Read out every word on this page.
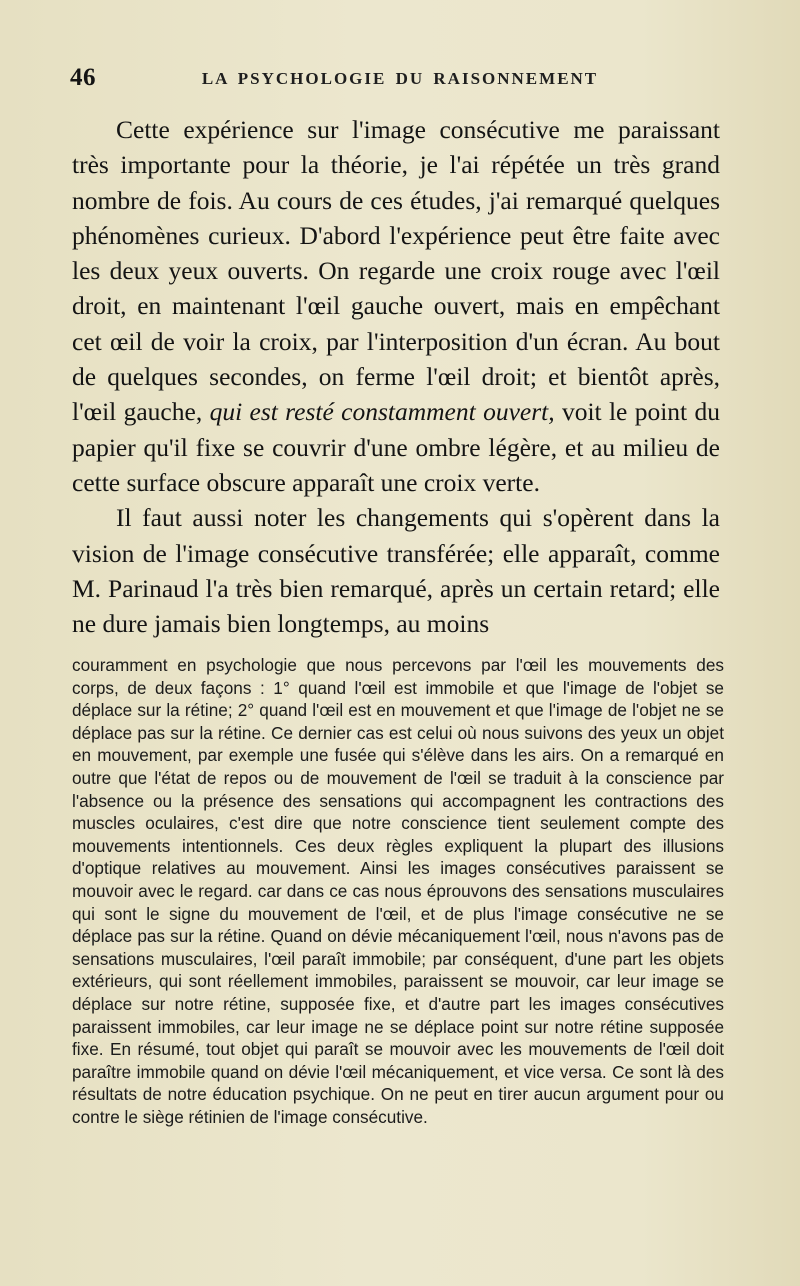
46	LA PSYCHOLOGIE DU RAISONNEMENT

Cette expérience sur l'image consécutive me paraissant très importante pour la théorie, je l'ai répétée un très grand nombre de fois. Au cours de ces études, j'ai remarqué quelques phénomènes curieux. D'abord l'expérience peut être faite avec les deux yeux ouverts. On regarde une croix rouge avec l'œil droit, en maintenant l'œil gauche ouvert, mais en empêchant cet œil de voir la croix, par l'interposition d'un écran. Au bout de quelques secondes, on ferme l'œil droit; et bientôt après, l'œil gauche, qui est resté constamment ouvert, voit le point du papier qu'il fixe se couvrir d'une ombre légère, et au milieu de cette surface obscure apparaît une croix verte.

Il faut aussi noter les changements qui s'opèrent dans la vision de l'image consécutive transférée; elle apparaît, comme M. Parinaud l'a très bien remarqué, après un certain retard; elle ne dure jamais bien longtemps, au moins

couramment en psychologie que nous percevons par l'œil les mouvements des corps, de deux façons : 1° quand l'œil est immobile et que l'image de l'objet se déplace sur la rétine; 2° quand l'œil est en mouvement et que l'image de l'objet ne se déplace pas sur la rétine. Ce dernier cas est celui où nous suivons des yeux un objet en mouvement, par exemple une fusée qui s'élève dans les airs. On a remarqué en outre que l'état de repos ou de mouvement de l'œil se traduit à la conscience par l'absence ou la présence des sensations qui accompagnent les contractions des muscles oculaires, c'est dire que notre conscience tient seulement compte des mouvements intentionnels. Ces deux règles expliquent la plupart des illusions d'optique relatives au mouvement. Ainsi les images consécutives paraissent se mouvoir avec le regard. car dans ce cas nous éprouvons des sensations musculaires qui sont le signe du mouvement de l'œil, et de plus l'image consécutive ne se déplace pas sur la rétine. Quand on dévie mécaniquement l'œil, nous n'avons pas de sensations musculaires, l'œil paraît immobile; par conséquent, d'une part les objets extérieurs, qui sont réellement immobiles, paraissent se mouvoir, car leur image se déplace sur notre rétine, supposée fixe, et d'autre part les images consécutives paraissent immobiles, car leur image ne se déplace point sur notre rétine supposée fixe. En résumé, tout objet qui paraît se mouvoir avec les mouvements de l'œil doit paraître immobile quand on dévie l'œil mécaniquement, et vice versa. Ce sont là des résultats de notre éducation psychique. On ne peut en tirer aucun argument pour ou contre le siège rétinien de l'image consécutive.
